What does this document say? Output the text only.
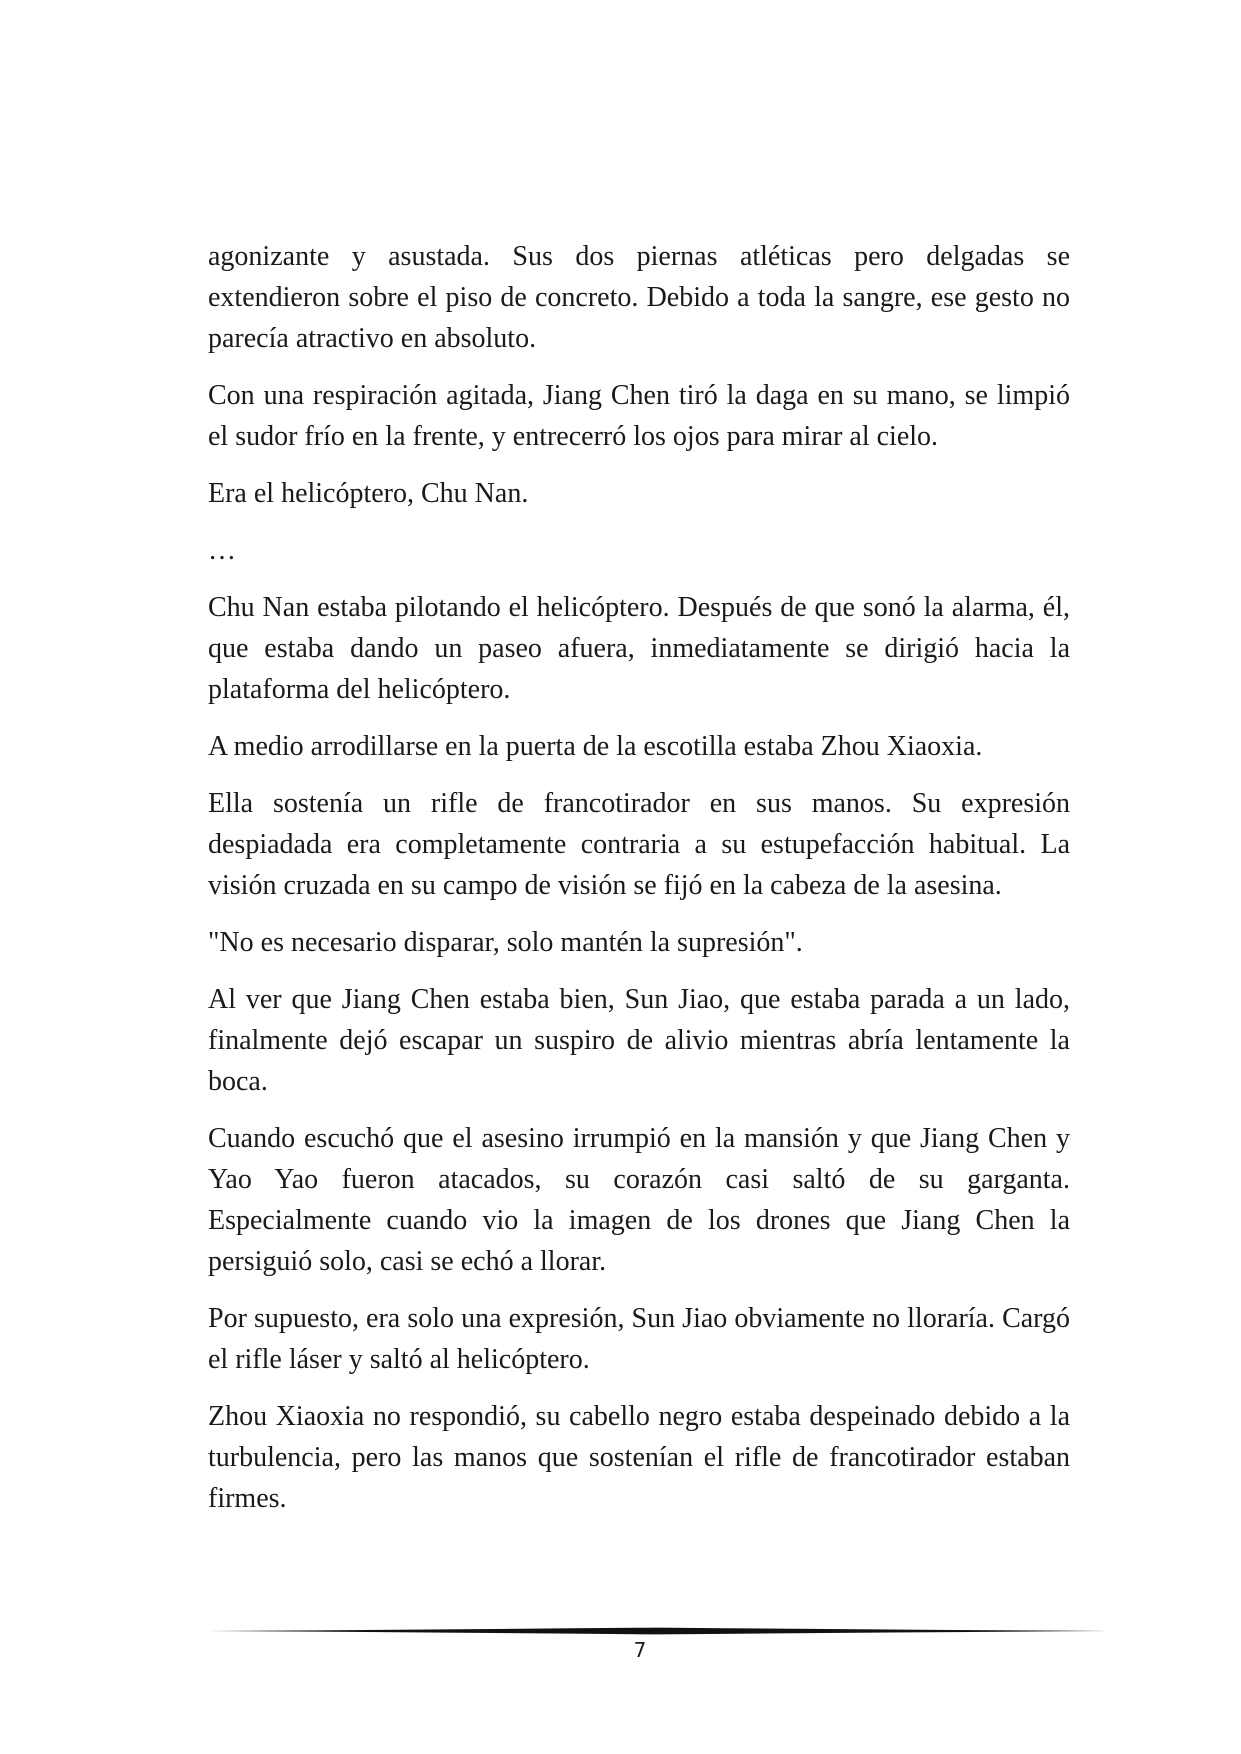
agonizante y asustada. Sus dos piernas atléticas pero delgadas se extendieron sobre el piso de concreto. Debido a toda la sangre, ese gesto no parecía atractivo en absoluto.

Con una respiración agitada, Jiang Chen tiró la daga en su mano, se limpió el sudor frío en la frente, y entrecerró los ojos para mirar al cielo.

Era el helicóptero, Chu Nan.

…

Chu Nan estaba pilotando el helicóptero. Después de que sonó la alarma, él, que estaba dando un paseo afuera, inmediatamente se dirigió hacia la plataforma del helicóptero.

A medio arrodillarse en la puerta de la escotilla estaba Zhou Xiaoxia.

Ella sostenía un rifle de francotirador en sus manos. Su expresión despiadada era completamente contraria a su estupefacción habitual. La visión cruzada en su campo de visión se fijó en la cabeza de la asesina.

"No es necesario disparar, solo mantén la supresión".

Al ver que Jiang Chen estaba bien, Sun Jiao, que estaba parada a un lado, finalmente dejó escapar un suspiro de alivio mientras abría lentamente la boca.

Cuando escuchó que el asesino irrumpió en la mansión y que Jiang Chen y Yao Yao fueron atacados, su corazón casi saltó de su garganta. Especialmente cuando vio la imagen de los drones que Jiang Chen la persiguió solo, casi se echó a llorar.

Por supuesto, era solo una expresión, Sun Jiao obviamente no lloraría. Cargó el rifle láser y saltó al helicóptero.

Zhou Xiaoxia no respondió, su cabello negro estaba despeinado debido a la turbulencia, pero las manos que sostenían el rifle de francotirador estaban firmes.

7
